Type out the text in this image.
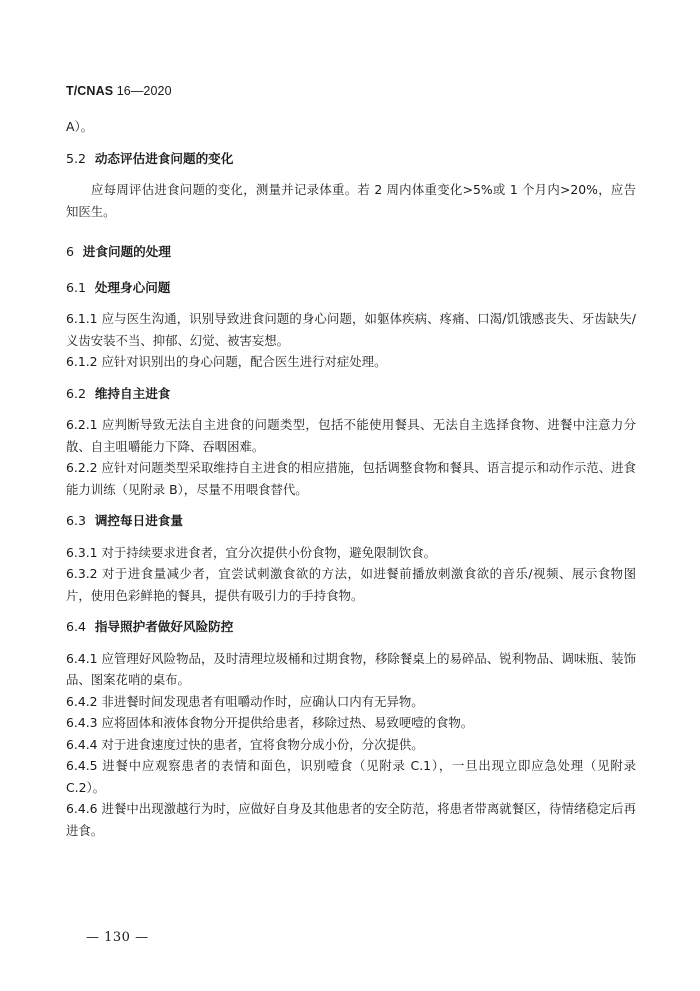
T/CNAS 16—2020

A）。

5.2 动态评估进食问题的变化

应每周评估进食问题的变化，测量并记录体重。若 2 周内体重变化>5%或 1 个月内>20%，应告知医生。

6 进食问题的处理
6.1 处理身心问题

6.1.1 应与医生沟通，识别导致进食问题的身心问题，如躯体疾病、疼痛、口渴/饥饿感丧失、牙齿缺失/义齿安装不当、抑郁、幻觉、被害妄想。

6.1.2 应针对识别出的身心问题，配合医生进行对症处理。

6.2 维持自主进食

6.2.1 应判断导致无法自主进食的问题类型，包括不能使用餐具、无法自主选择食物、进餐中注意力分散、自主咀嚼能力下降、吞咽困难。

6.2.2 应针对问题类型采取维持自主进食的相应措施，包括调整食物和餐具、语言提示和动作示范、进食能力训练（见附录 B），尽量不用喂食替代。

6.3 调控每日进食量

6.3.1 对于持续要求进食者，宜分次提供小份食物，避免限制饮食。

6.3.2 对于进食量减少者，宜尝试刺激食欲的方法，如进餐前播放刺激食欲的音乐/视频、展示食物图片，使用色彩鲜艳的餐具，提供有吸引力的手持食物。

6.4 指导照护者做好风险防控

6.4.1 应管理好风险物品，及时清理垃圾桶和过期食物，移除餐桌上的易碎品、锐利物品、调味瓶、装饰品、图案花哨的桌布。

6.4.2 非进餐时间发现患者有咀嚼动作时，应确认口内有无异物。

6.4.3 应将固体和液体食物分开提供给患者，移除过热、易致哽噎的食物。

6.4.4 对于进食速度过快的患者，宜将食物分成小份，分次提供。

6.4.5 进餐中应观察患者的表情和面色，识别噎食（见附录 C.1），一旦出现立即应急处理（见附录 C.2）。

6.4.6 进餐中出现激越行为时，应做好自身及其他患者的安全防范，将患者带离就餐区，待情绪稳定后再进食。

— 130 —
